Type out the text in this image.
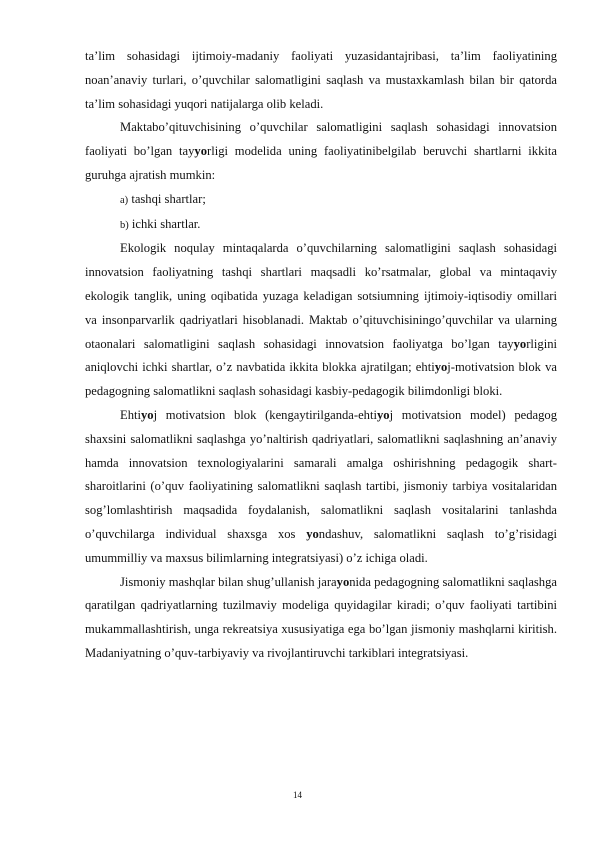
ta’lim sohasidagi ijtimoiy-madaniy faoliyati yuzasidantajribasi, ta’lim faoliyatining noan’anaviy turlari, o’quvchilar salomatligini saqlash va mustaxkamlash bilan bir qatorda ta’lim sohasidagi yuqori natijalarga olib keladi.

Maktabo’qituvchisining o’quvchilar salomatligini saqlash sohasidagi innovatsion faoliyati bo’lgan tayyorligi modelida uning faoliyatinibelgilab beruvchi shartlarni ikkita guruhga ajratish mumkin:

a) tashqi shartlar;

b) ichki shartlar.

Ekologik noqulay mintaqalarda o’quvchilarning salomatligini saqlash sohasidagi innovatsion faoliyatning tashqi shartlari maqsadli ko’rsatmalar, global va mintaqaviy ekologik tanglik, uning oqibatida yuzaga keladigan sotsiumning ijtimoiy-iqtisodiy omillari va insonparvarlik qadriyatlari hisoblanadi. Maktab o’qituvchisiningo’quvchilar va ularning otaonalari salomatligini saqlash sohasidagi innovatsion faoliyatga bo’lgan tayyorligini aniqlovchi ichki shartlar, o’z navbatida ikkita blokka ajratilgan; ehtiyoj-motivatsion blok va pedagogning salomatlikni saqlash sohasidagi kasbiy-pedagogik bilimdonligi bloki.

Ehtiyoj motivatsion blok (kengaytirilganda-ehtiyoj motivatsion model) pedagog shaxsini salomatlikni saqlashga yo’naltirish qadriyatlari, salomatlikni saqlashning an’anaviy hamda innovatsion texnologiyalarini samarali amalga oshirishning pedagogik shart-sharoitlarini (o’quv faoliyatining salomatlikni saqlash tartibi, jismoniy tarbiya vositalaridan sog’lomlashtirish maqsadida foydalanish, salomatlikni saqlash vositalarini tanlashda o’quvchilarga individual shaxsga xos yondashuv, salomatlikni saqlash to’g’risidagi umummilliy va maxsus bilimlarning integratsiyasi) o’z ichiga oladi.

Jismoniy mashqlar bilan shug’ullanish jarayonida pedagogning salomatlikni saqlashga qaratilgan qadriyatlarning tuzilmaviy modeliga quyidagilar kiradi; o’quv faoliyati tartibini mukammallashtirish, unga rekreatsiya xususiyatiga ega bo’lgan jismoniy mashqlarni kiritish. Madaniyatning o’quv-tarbiyaviy va rivojlantiruvchi tarkiblari integratsiyasi.

14
